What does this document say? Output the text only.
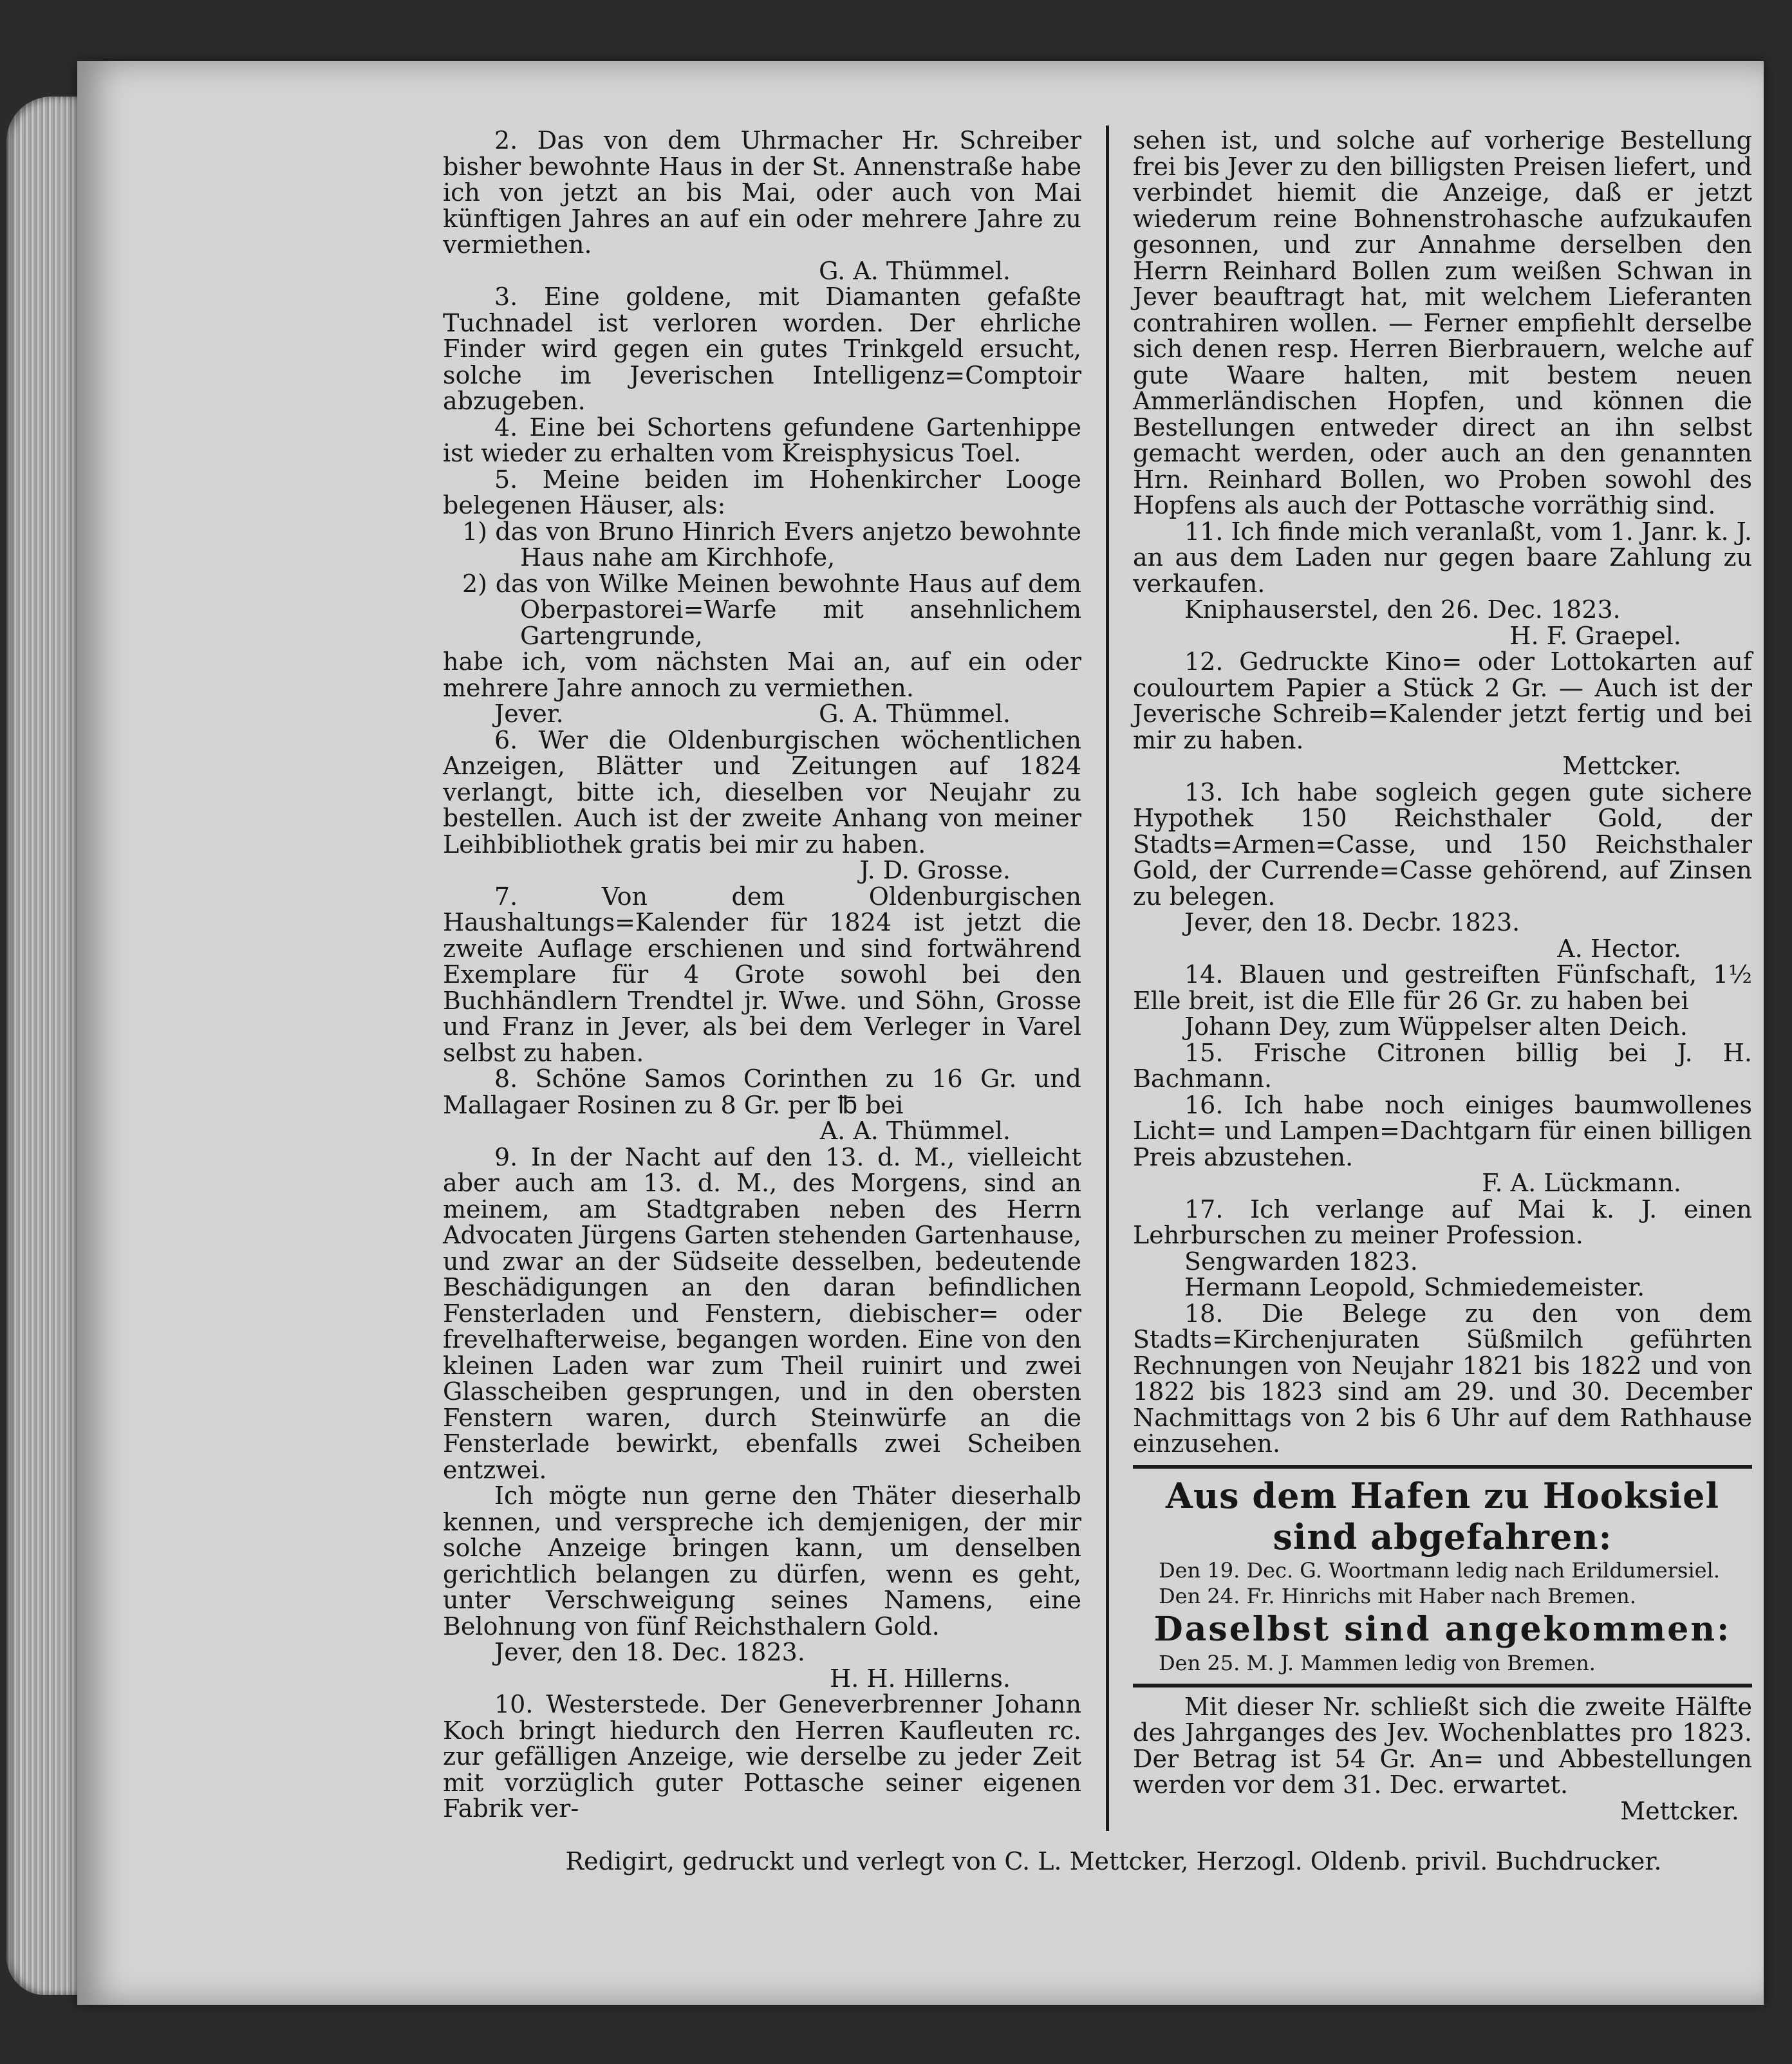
2. Das von dem Uhrmacher Hr. Schreiber bisher bewohnte Haus in der St. Annenstraße habe ich von jetzt an bis Mai, oder auch von Mai künftigen Jahres an auf ein oder mehrere Jahre zu vermiethen.

G. A. Thümmel.

3. Eine goldene, mit Diamanten gefaßte Tuchnadel ist verloren worden. Der ehrliche Finder wird gegen ein gutes Trinkgeld ersucht, solche im Jeverischen Intelligenz=Comptoir abzugeben.

4. Eine bei Schortens gefundene Gartenhippe ist wieder zu erhalten vom Kreisphysicus Toel.

5. Meine beiden im Hohenkircher Looge belegenen Häuser, als:

1) das von Bruno Hinrich Evers anjetzo bewohnte Haus nahe am Kirchhofe,

2) das von Wilke Meinen bewohnte Haus auf dem Oberpastorei=Warfe mit ansehnlichem Gartengrunde,

habe ich, vom nächsten Mai an, auf ein oder mehrere Jahre annoch zu vermiethen.

Jever.	G. A. Thümmel.

6. Wer die Oldenburgischen wöchentlichen Anzeigen, Blätter und Zeitungen auf 1824 verlangt, bitte ich, dieselben vor Neujahr zu bestellen. Auch ist der zweite Anhang von meiner Leihbibliothek gratis bei mir zu haben.

J. D. Grosse.

7. Von dem Oldenburgischen Haushaltungs=Kalender für 1824 ist jetzt die zweite Auflage erschienen und sind fortwährend Exemplare für 4 Grote sowohl bei den Buchhändlern Trendtel jr. Wwe. und Söhn, Grosse und Franz in Jever, als bei dem Verleger in Varel selbst zu haben.

8. Schöne Samos Corinthen zu 16 Gr. und Mallagaer Rosinen zu 8 Gr. per ℔ bei

A. A. Thümmel.

9. In der Nacht auf den 13. d. M., vielleicht aber auch am 13. d. M., des Morgens, sind an meinem, am Stadtgraben neben des Herrn Advocaten Jürgens Garten stehenden Gartenhause, und zwar an der Südseite desselben, bedeutende Beschädigungen an den daran befindlichen Fensterladen und Fenstern, diebischer= oder frevelhafterweise, begangen worden. Eine von den kleinen Laden war zum Theil ruinirt und zwei Glasscheiben gesprungen, und in den obersten Fenstern waren, durch Steinwürfe an die Fensterlade bewirkt, ebenfalls zwei Scheiben entzwei.

Ich mögte nun gerne den Thäter dieserhalb kennen, und verspreche ich demjenigen, der mir solche Anzeige bringen kann, um denselben gerichtlich belangen zu dürfen, wenn es geht, unter Verschweigung seines Namens, eine Belohnung von fünf Reichsthalern Gold.

Jever, den 18. Dec. 1823.

H. H. Hillerns.

10. Westerstede. Der Geneverbrenner Johann Koch bringt hiedurch den Herren Kaufleuten rc. zur gefälligen Anzeige, wie derselbe zu jeder Zeit mit vorzüglich guter Pottasche seiner eigenen Fabrik ver-

sehen ist, und solche auf vorherige Bestellung frei bis Jever zu den billigsten Preisen liefert, und verbindet hiemit die Anzeige, daß er jetzt wiederum reine Bohnenstrohasche aufzukaufen gesonnen, und zur Annahme derselben den Herrn Reinhard Bollen zum weißen Schwan in Jever beauftragt hat, mit welchem Lieferanten contrahiren wollen. — Ferner empfiehlt derselbe sich denen resp. Herren Bierbrauern, welche auf gute Waare halten, mit bestem neuen Ammerländischen Hopfen, und können die Bestellungen entweder direct an ihn selbst gemacht werden, oder auch an den genannten Hrn. Reinhard Bollen, wo Proben sowohl des Hopfens als auch der Pottasche vorräthig sind.

11. Ich finde mich veranlaßt, vom 1. Janr. k. J. an aus dem Laden nur gegen baare Zahlung zu verkaufen.

Kniphauserstel, den 26. Dec. 1823.

H. F. Graepel.

12. Gedruckte Kino= oder Lottokarten auf coulourtem Papier a Stück 2 Gr. — Auch ist der Jeverische Schreib=Kalender jetzt fertig und bei mir zu haben.

Mettcker.

13. Ich habe sogleich gegen gute sichere Hypothek 150 Reichsthaler Gold, der Stadts=Armen=Casse, und 150 Reichsthaler Gold, der Currende=Casse gehörend, auf Zinsen zu belegen.

Jever, den 18. Decbr. 1823.

A. Hector.

14. Blauen und gestreiften Fünfschaft, 1½ Elle breit, ist die Elle für 26 Gr. zu haben bei

Johann Dey, zum Wüppelser alten Deich.

15. Frische Citronen billig bei J. H. Bachmann.

16. Ich habe noch einiges baumwollenes Licht= und Lampen=Dachtgarn für einen billigen Preis abzustehen.

F. A. Lückmann.

17. Ich verlange auf Mai k. J. einen Lehrburschen zu meiner Profession.

Sengwarden 1823.

Hermann Leopold, Schmiedemeister.

18. Die Belege zu den von dem Stadts=Kirchenjuraten Süßmilch geführten Rechnungen von Neujahr 1821 bis 1822 und von 1822 bis 1823 sind am 29. und 30. December Nachmittags von 2 bis 6 Uhr auf dem Rathhause einzusehen.

Aus dem Hafen zu Hooksiel sind abgefahren:

Den 19. Dec. G. Woortmann ledig nach Erildumersiel.

Den 24. Fr. Hinrichs mit Haber nach Bremen.

Daselbst sind angekommen:

Den 25. M. J. Mammen ledig von Bremen.

Mit dieser Nr. schließt sich die zweite Hälfte des Jahrganges des Jev. Wochenblattes pro 1823. Der Betrag ist 54 Gr. An= und Abbestellungen werden vor dem 31. Dec. erwartet.

Mettcker.

Redigirt, gedruckt und verlegt von C. L. Mettcker, Herzogl. Oldenb. privil. Buchdrucker.
